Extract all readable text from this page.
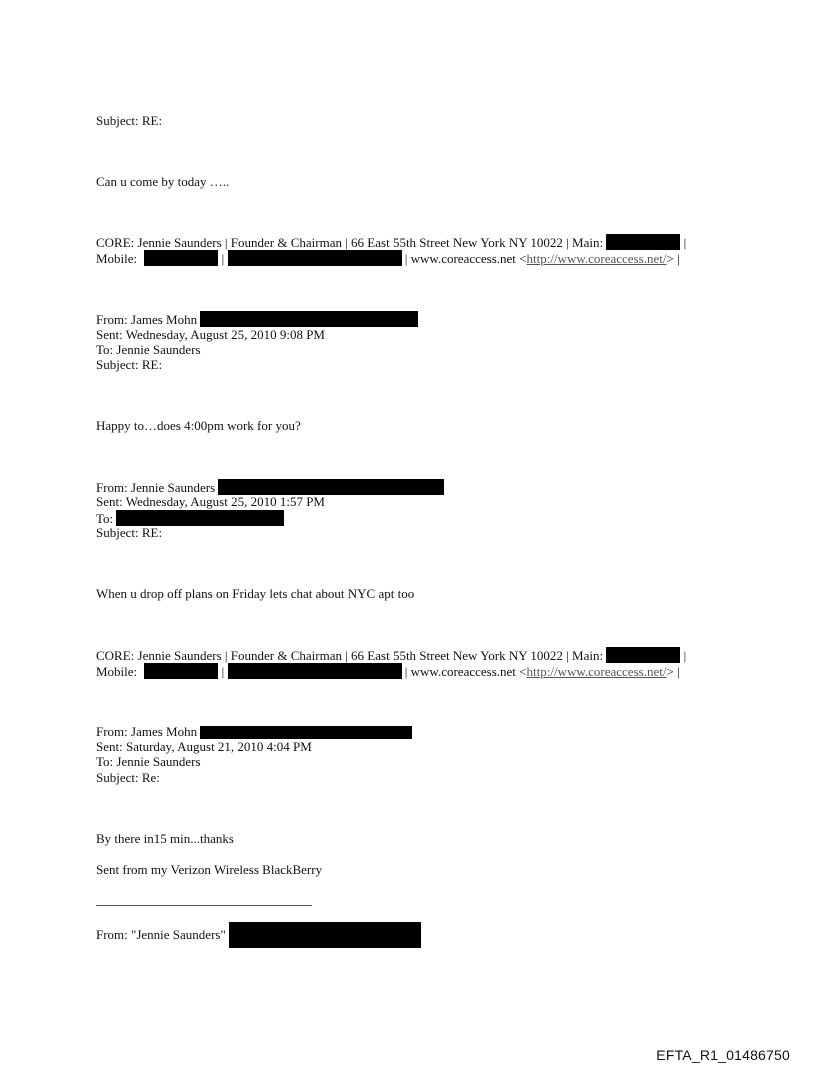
Subject: RE:
Can u come by today …..
CORE: Jennie Saunders | Founder & Chairman | 66 East 55th Street New York NY 10022 | Main:	|
Mobile:	|	| www.coreaccess.net <http://www.coreaccess.net/> |
From: James Mohn
Sent: Wednesday, August 25, 2010 9:08 PM
To: Jennie Saunders
Subject: RE:
Happy to…does 4:00pm work for you?
From: Jennie Saunders
Sent: Wednesday, August 25, 2010 1:57 PM
To:
Subject: RE:
When u drop off plans on Friday lets chat about NYC apt too
CORE: Jennie Saunders | Founder & Chairman | 66 East 55th Street New York NY 10022 | Main:	|
Mobile:	|	| www.coreaccess.net <http://www.coreaccess.net/> |
From: James Mohn
Sent: Saturday, August 21, 2010 4:04 PM
To: Jennie Saunders
Subject: Re:
By there in15 min...thanks
Sent from my Verizon Wireless BlackBerry
From: "Jennie Saunders"
EFTA_R1_01486750
